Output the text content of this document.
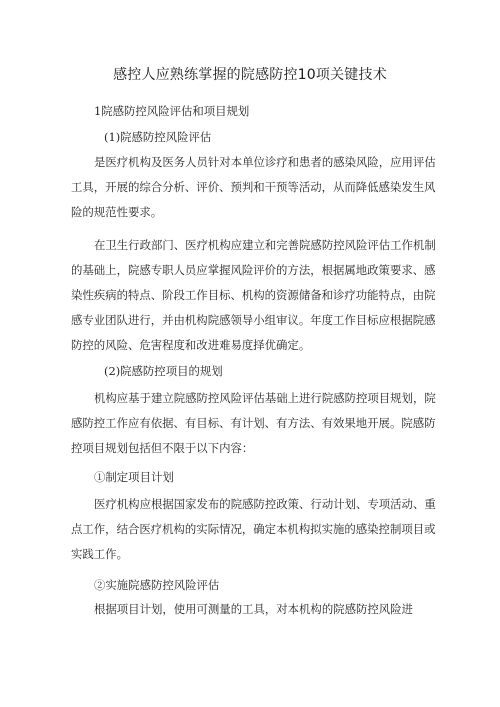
感控人应熟练掌握的院感防控10项关键技术
1院感防控风险评估和项目规划
(1)院感防控风险评估
是医疗机构及医务人员针对本单位诊疗和患者的感染风险，应用评估
工具，开展的综合分析、评价、预判和干预等活动，从而降低感染发生风
险的规范性要求。
在卫生行政部门、医疗机构应建立和完善院感防控风险评估工作机制
的基础上，院感专职人员应掌握风险评价的方法，根据属地政策要求、感
染性疾病的特点、阶段工作目标、机构的资源储备和诊疗功能特点，由院
感专业团队进行，并由机构院感领导小组审议。年度工作目标应根据院感
防控的风险、危害程度和改进难易度择优确定。
(2)院感防控项目的规划
机构应基于建立院感防控风险评估基础上进行院感防控项目规划，院
感防控工作应有依据、有目标、有计划、有方法、有效果地开展。院感防
控项目规划包括但不限于以下内容：
①制定项目计划
医疗机构应根据国家发布的院感防控政策、行动计划、专项活动、重
点工作，结合医疗机构的实际情况，确定本机构拟实施的感染控制项目或
实践工作。
②实施院感防控风险评估
根据项目计划，使用可测量的工具，对本机构的院感防控风险进
